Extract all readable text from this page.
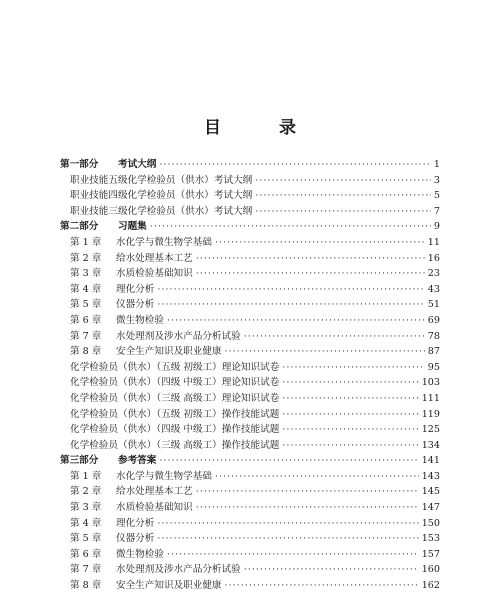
目 录
第一部分	考试大纲 ·····	1
职业技能五级化学检验员（供水）考试大纲 ·····	3
职业技能四级化学检验员（供水）考试大纲 ·····	5
职业技能三级化学检验员（供水）考试大纲 ·····	7
第二部分	习题集 ·····	9
第 1 章	水化学与微生物学基础 ·····	11
第 2 章	给水处理基本工艺 ·····	16
第 3 章	水质检验基础知识 ·····	23
第 4 章	理化分析 ·····	43
第 5 章	仪器分析 ·····	51
第 6 章	微生物检验 ·····	69
第 7 章	水处理剂及涉水产品分析试验 ·····	78
第 8 章	安全生产知识及职业健康 ·····	87
化学检验员（供水）（五级 初级工）理论知识试卷 ·····	95
化学检验员（供水）（四级 中级工）理论知识试卷 ·····	103
化学检验员（供水）（三级 高级工）理论知识试卷 ·····	111
化学检验员（供水）（五级 初级工）操作技能试题 ·····	119
化学检验员（供水）（四级 中级工）操作技能试题 ·····	125
化学检验员（供水）（三级 高级工）操作技能试题 ·····	134
第三部分	参考答案 ·····	141
第 1 章	水化学与微生物学基础 ·····	143
第 2 章	给水处理基本工艺 ·····	145
第 3 章	水质检验基础知识 ·····	147
第 4 章	理化分析 ·····	150
第 5 章	仪器分析 ·····	153
第 6 章	微生物检验 ·····	157
第 7 章	水处理剂及涉水产品分析试验 ·····	160
第 8 章	安全生产知识及职业健康 ·····	162
